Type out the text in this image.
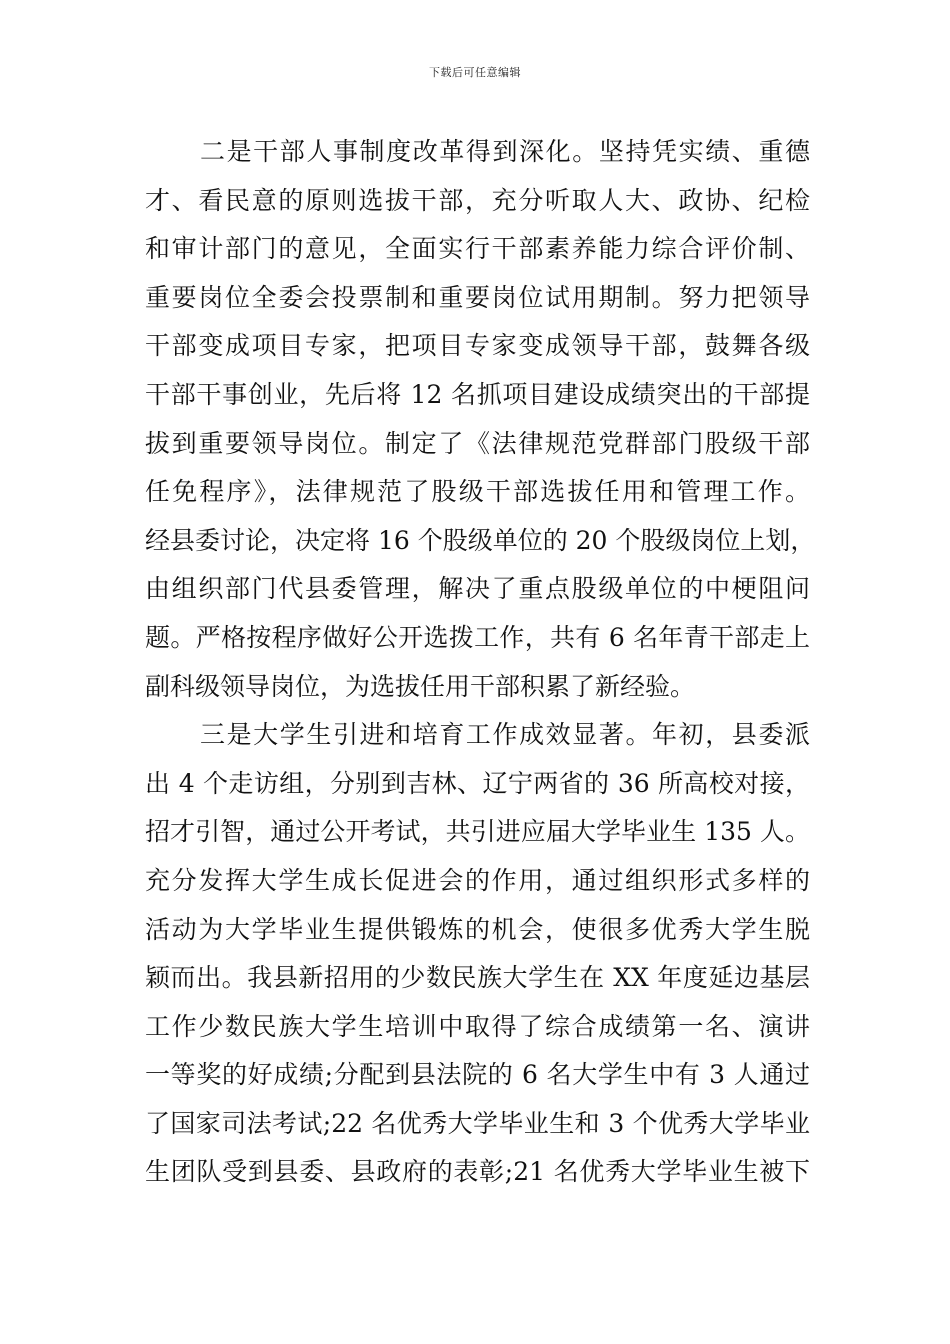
下载后可任意编辑
二是干部人事制度改革得到深化。坚持凭实绩、重德
才、看民意的原则选拔干部，充分听取人大、政协、纪检
和审计部门的意见，全面实行干部素养能力综合评价制、
重要岗位全委会投票制和重要岗位试用期制。努力把领导
干部变成项目专家，把项目专家变成领导干部，鼓舞各级
干部干事创业，先后将 12 名抓项目建设成绩突出的干部提
拔到重要领导岗位。制定了《法律规范党群部门股级干部
任免程序》，法律规范了股级干部选拔任用和管理工作。
经县委讨论，决定将 16 个股级单位的 20 个股级岗位上划，
由组织部门代县委管理，解决了重点股级单位的中梗阻问
题。严格按程序做好公开选拨工作，共有 6 名年青干部走上
副科级领导岗位，为选拔任用干部积累了新经验。
三是大学生引进和培育工作成效显著。年初，县委派
出 4 个走访组，分别到吉林、辽宁两省的 36 所高校对接，
招才引智，通过公开考试，共引进应届大学毕业生 135 人。
充分发挥大学生成长促进会的作用，通过组织形式多样的
活动为大学毕业生提供锻炼的机会，使很多优秀大学生脱
颖而出。我县新招用的少数民族大学生在 XX 年度延边基层
工作少数民族大学生培训中取得了综合成绩第一名、演讲
一等奖的好成绩;分配到县法院的 6 名大学生中有 3 人通过
了国家司法考试;22 名优秀大学毕业生和 3 个优秀大学毕业
生团队受到县委、县政府的表彰;21 名优秀大学毕业生被下
